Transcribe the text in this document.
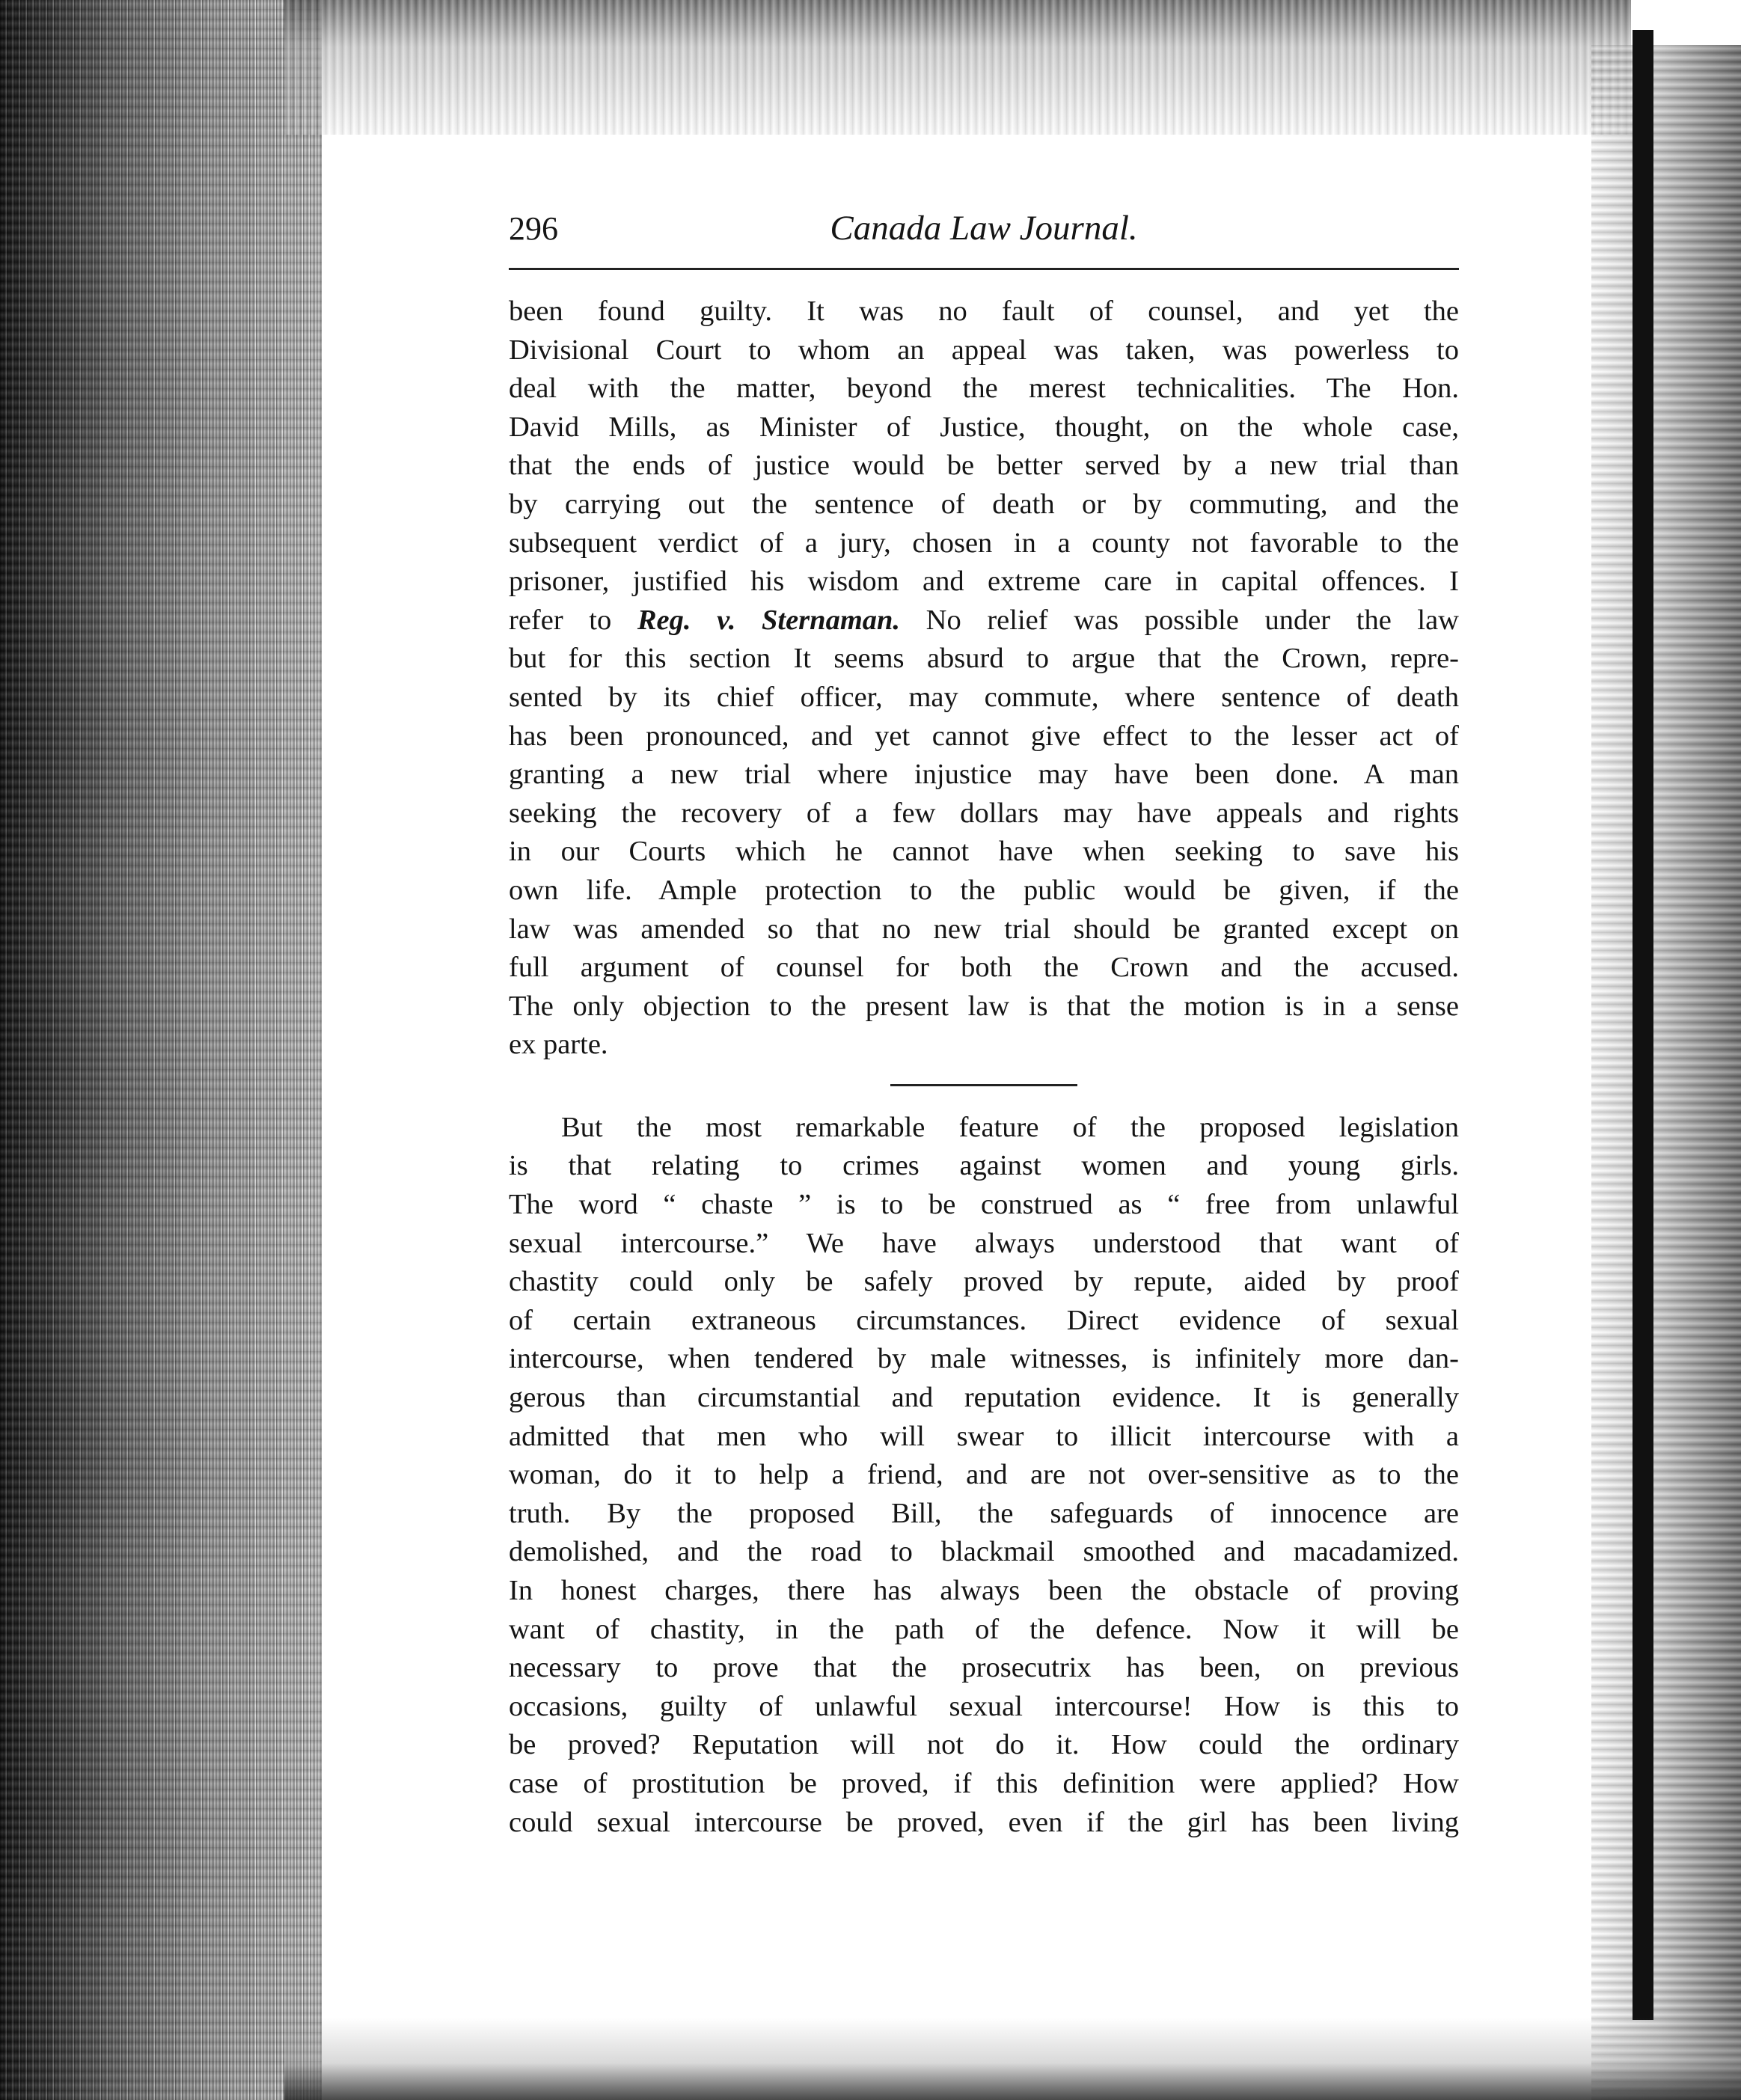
296	Canada Law Journal.
been found guilty. It was no fault of counsel, and yet the
Divisional Court to whom an appeal was taken, was powerless to
deal with the matter, beyond the merest technicalities. The Hon.
David Mills, as Minister of Justice, thought, on the whole case,
that the ends of justice would be better served by a new trial than
by carrying out the sentence of death or by commuting, and the
subsequent verdict of a jury, chosen in a county not favorable to the
prisoner, justified his wisdom and extreme care in capital offences. I
refer to Reg. v. Sternaman. No relief was possible under the law
but for this section It seems absurd to argue that the Crown, repre-
sented by its chief officer, may commute, where sentence of death
has been pronounced, and yet cannot give effect to the lesser act of
granting a new trial where injustice may have been done. A man
seeking the recovery of a few dollars may have appeals and rights
in our Courts which he cannot have when seeking to save his
own life. Ample protection to the public would be given, if the
law was amended so that no new trial should be granted except on
full argument of counsel for both the Crown and the accused.
The only objection to the present law is that the motion is in a sense
ex parte.
But the most remarkable feature of the proposed legislation
is that relating to crimes against women and young girls.
The word “ chaste ” is to be construed as “ free from unlawful
sexual intercourse.” We have always understood that want of
chastity could only be safely proved by repute, aided by proof
of certain extraneous circumstances. Direct evidence of sexual
intercourse, when tendered by male witnesses, is infinitely more dan-
gerous than circumstantial and reputation evidence. It is generally
admitted that men who will swear to illicit intercourse with a
woman, do it to help a friend, and are not over-sensitive as to the
truth. By the proposed Bill, the safeguards of innocence are
demolished, and the road to blackmail smoothed and macadamized.
In honest charges, there has always been the obstacle of proving
want of chastity, in the path of the defence. Now it will be
necessary to prove that the prosecutrix has been, on previous
occasions, guilty of unlawful sexual intercourse! How is this to
be proved? Reputation will not do it. How could the ordinary
case of prostitution be proved, if this definition were applied? How
could sexual intercourse be proved, even if the girl has been living
